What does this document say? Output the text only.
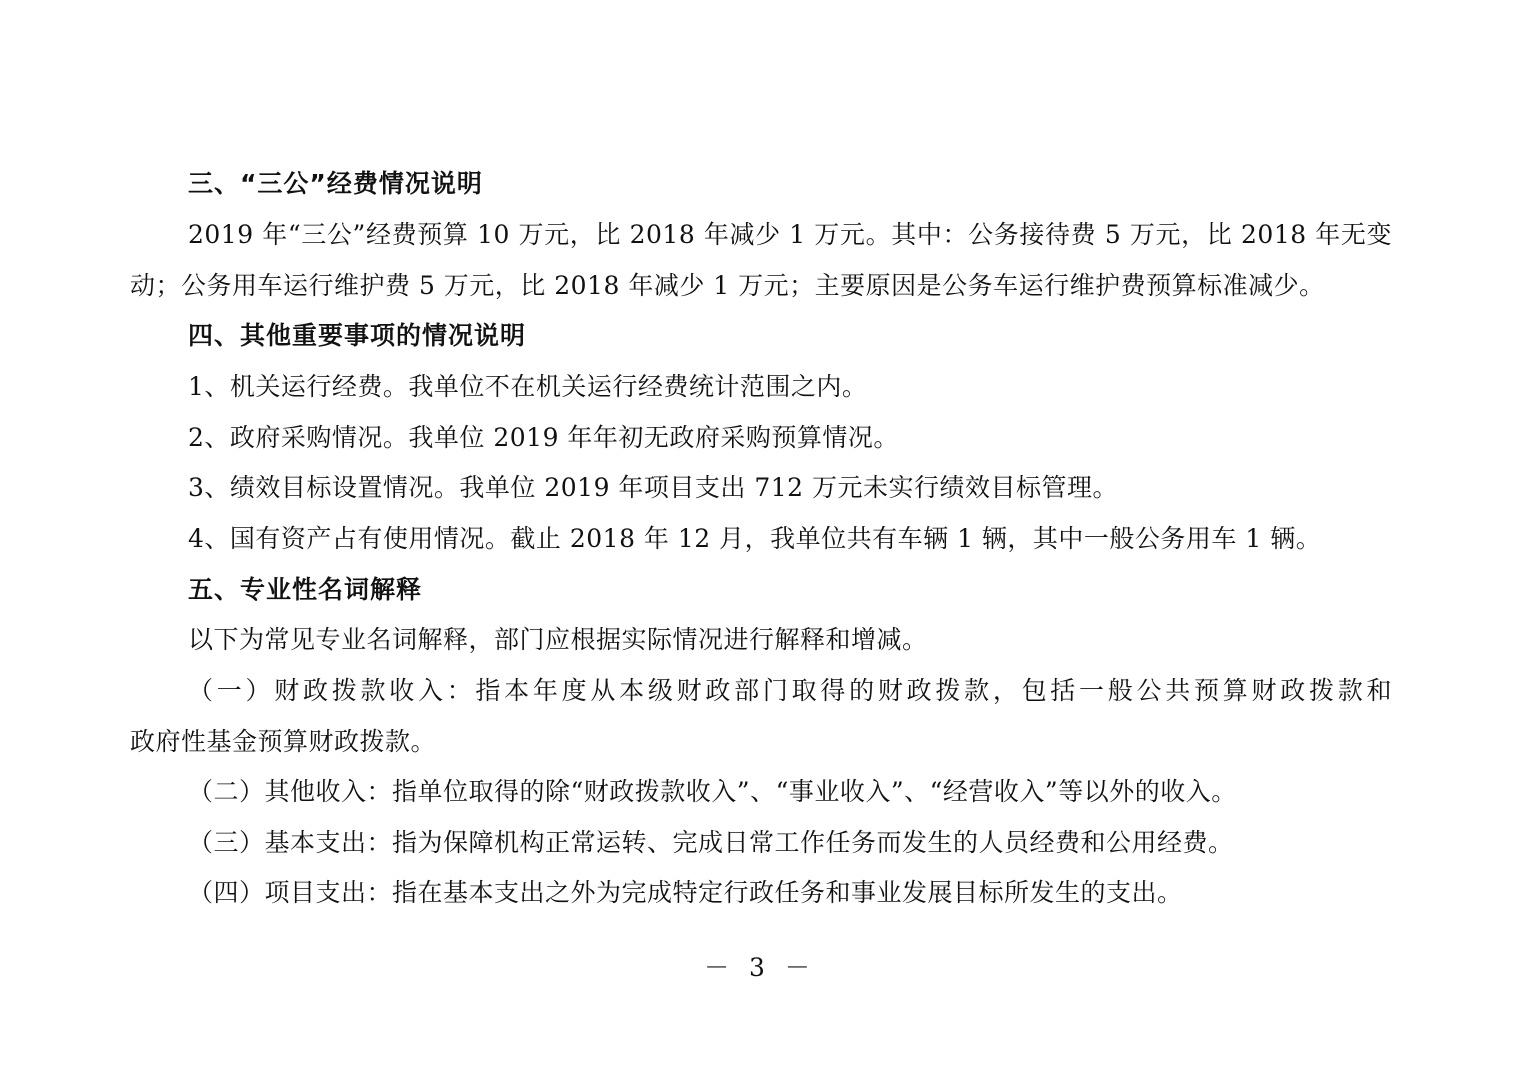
三、“三公”经费情况说明
2019 年“三公”经费预算 10 万元，比 2018 年减少 1 万元。其中：公务接待费 5 万元，比 2018 年无变
动；公务用车运行维护费 5 万元，比 2018 年减少 1 万元；主要原因是公务车运行维护费预算标准减少。
四、其他重要事项的情况说明
1、机关运行经费。我单位不在机关运行经费统计范围之内。
2、政府采购情况。我单位 2019 年年初无政府采购预算情况。
3、绩效目标设置情况。我单位 2019 年项目支出 712 万元未实行绩效目标管理。
4、国有资产占有使用情况。截止 2018 年 12 月，我单位共有车辆 1 辆，其中一般公务用车 1 辆。
五、专业性名词解释
以下为常见专业名词解释，部门应根据实际情况进行解释和增减。
（一）财政拨款收入：指本年度从本级财政部门取得的财政拨款，包括一般公共预算财政拨款和
政府性基金预算财政拨款。
（二）其他收入：指单位取得的除“财政拨款收入”、“事业收入”、“经营收入”等以外的收入。
（三）基本支出：指为保障机构正常运转、完成日常工作任务而发生的人员经费和公用经费。
（四）项目支出：指在基本支出之外为完成特定行政任务和事业发展目标所发生的支出。
－ 3 －
